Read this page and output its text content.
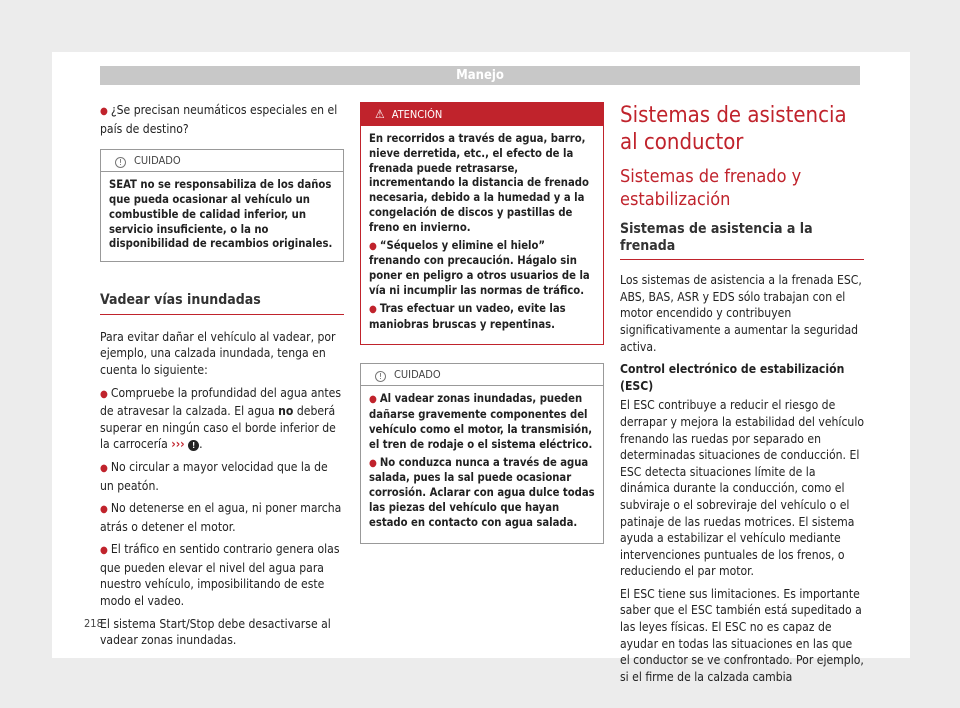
Manejo

● ¿Se precisan neumáticos especiales en el país de destino?

! CUIDADO
SEAT no se responsabiliza de los daños que pueda ocasionar al vehículo un combustible de calidad inferior, un servicio insuficiente, o la no disponibilidad de recambios originales.
Vadear vías inundadas

Para evitar dañar el vehículo al vadear, por ejemplo, una calzada inundada, tenga en cuenta lo siguiente:

● Compruebe la profundidad del agua antes de atravesar la calzada. El agua no deberá superar en ningún caso el borde inferior de la carrocería ››› ! .

● No circular a mayor velocidad que la de un peatón.

● No detenerse en el agua, ni poner marcha atrás o detener el motor.

● El tráfico en sentido contrario genera olas que pueden elevar el nivel del agua para nuestro vehículo, imposibilitando de este modo el vadeo.

El sistema Start/Stop debe desactivarse al vadear zonas inundadas.

⚠ ATENCIÓN

En recorridos a través de agua, barro, nieve derretida, etc., el efecto de la frenada puede retrasarse, incrementando la distancia de frenado necesaria, debido a la humedad y a la congelación de discos y pastillas de freno en invierno.

● “Séquelos y elimine el hielo” frenando con precaución. Hágalo sin poner en peligro a otros usuarios de la vía ni incumplir las normas de tráfico.

● Tras efectuar un vadeo, evite las maniobras bruscas y repentinas.

! CUIDADO

● Al vadear zonas inundadas, pueden dañarse gravemente componentes del vehículo como el motor, la transmisión, el tren de rodaje o el sistema eléctrico.

● No conduzca nunca a través de agua salada, pues la sal puede ocasionar corrosión. Aclarar con agua dulce todas las piezas del vehículo que hayan estado en contacto con agua salada.

Sistemas de asistencia al conductor
Sistemas de frenado y estabilización
Sistemas de asistencia a la frenada

Los sistemas de asistencia a la frenada ESC, ABS, BAS, ASR y EDS sólo trabajan con el motor encendido y contribuyen significativamente a aumentar la seguridad activa.

Control electrónico de estabilización (ESC)

El ESC contribuye a reducir el riesgo de derrapar y mejora la estabilidad del vehículo frenando las ruedas por separado en determinadas situaciones de conducción. El ESC detecta situaciones límite de la dinámica durante la conducción, como el subviraje o el sobreviraje del vehículo o el patinaje de las ruedas motrices. El sistema ayuda a estabilizar el vehículo mediante intervenciones puntuales de los frenos, o reduciendo el par motor.

El ESC tiene sus limitaciones. Es importante saber que el ESC también está supeditado a las leyes físicas. El ESC no es capaz de ayudar en todas las situaciones en las que el conductor se ve confrontado. Por ejemplo, si el firme de la calzada cambia

218
